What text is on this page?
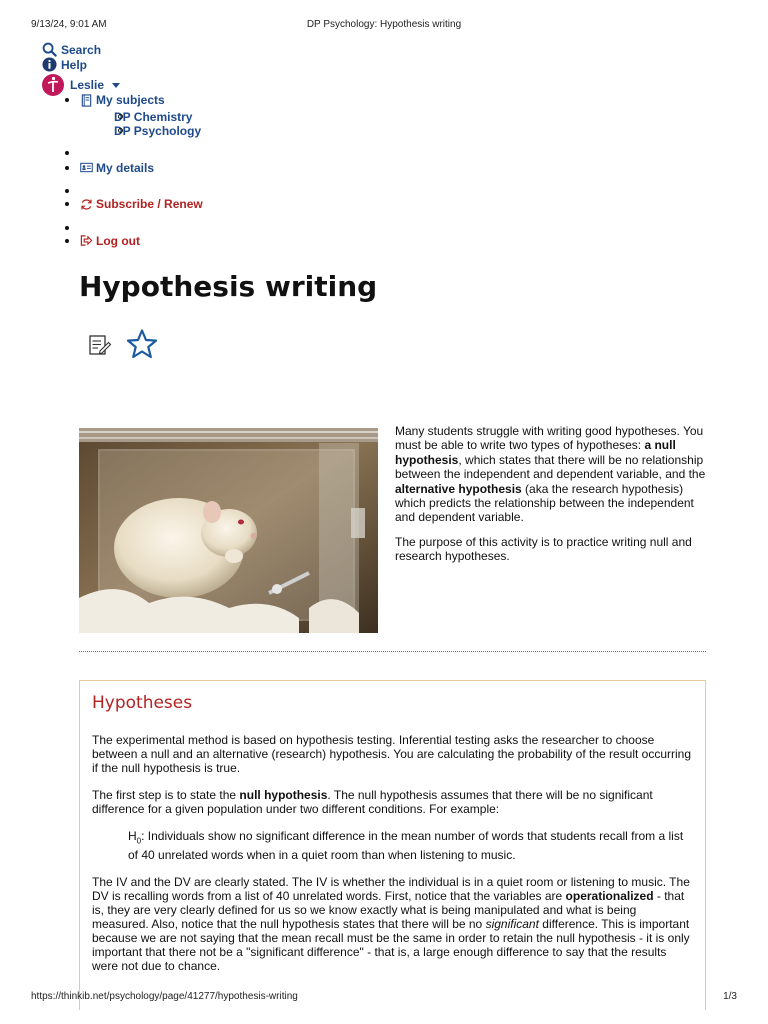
9/13/24, 9:01 AM	DP Psychology: Hypothesis writing
Search
Help
Leslie
My subjects
DP Chemistry
DP Psychology
My details
Subscribe / Renew
Log out
Hypothesis writing

Many students struggle with writing good hypotheses. You must be able to write two types of hypotheses: a null hypothesis, which states that there will be no relationship between the independent and dependent variable, and the alternative hypothesis (aka the research hypothesis) which predicts the relationship between the independent and dependent variable.

The purpose of this activity is to practice writing null and research hypotheses.

Hypotheses

The experimental method is based on hypothesis testing. Inferential testing asks the researcher to choose between a null and an alternative (research) hypothesis. You are calculating the probability of the result occurring if the null hypothesis is true.

The first step is to state the null hypothesis. The null hypothesis assumes that there will be no significant difference for a given population under two different conditions. For example:

$H_0$: Individuals show no significant difference in the mean number of words that students recall from a list of 40 unrelated words when in a quiet room than when listening to music.

The IV and the DV are clearly stated. The IV is whether the individual is in a quiet room or listening to music. The DV is recalling words from a list of 40 unrelated words. First, notice that the variables are operationalized - that is, they are very clearly defined for us so we know exactly what is being manipulated and what is being measured. Also, notice that the null hypothesis states that there will be no significant difference. This is important because we are not saying that the mean recall must be the same in order to retain the null hypothesis - it is only important that there not be a "significant difference" - that is, a large enough difference to say that the results were not due to chance.

https://thinkib.net/psychology/page/41277/hypothesis-writing	1/3
